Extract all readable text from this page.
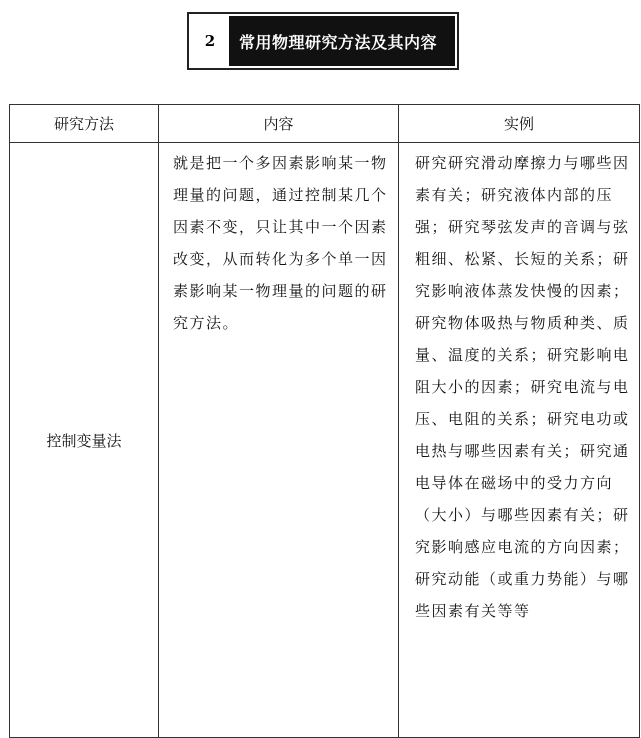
2	常用物理研究方法及其内容
研究方法	内容	实例
控制变量法	就是把一个多因素影响某一物理量的问题，通过控制某几个因素不变，只让其中一个因素改变，从而转化为多个单一因素影响某一物理量的问题的研究方法。	研究研究滑动摩擦力与哪些因素有关；研究液体内部的压强；研究琴弦发声的音调与弦粗细、松紧、长短的关系；研究影响液体蒸发快慢的因素；研究物体吸热与物质种类、质量、温度的关系；研究影响电阻大小的因素；研究电流与电压、电阻的关系；研究电功或电热与哪些因素有关；研究通电导体在磁场中的受力方向（大小）与哪些因素有关；研究影响感应电流的方向因素；研究动能（或重力势能）与哪些因素有关等等
